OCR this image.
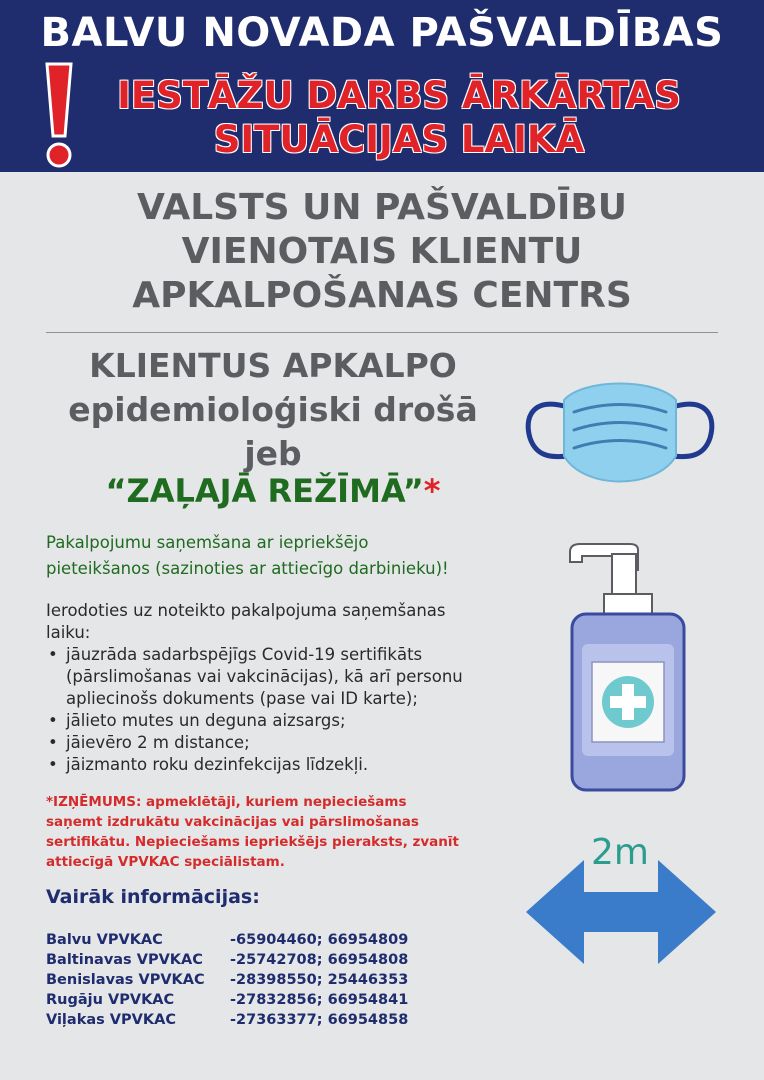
BALVU NOVADA PAŠVALDĪBAS
IESTĀŽU DARBS ĀRKĀRTAS
SITUĀCIJAS LAIKĀ
VALSTS UN PAŠVALDĪBU
VIENOTAIS KLIENTU
APKALPOŠANAS CENTRS
KLIENTUS APKALPO
epidemioloģiski drošā
jeb
“ZAĻAJĀ REŽĪMĀ”*
Pakalpojumu saņemšana ar iepriekšējo
pieteikšanos (sazinoties ar attiecīgo darbinieku)!
Ierodoties uz noteikto pakalpojuma saņemšanas
laiku:
• jāuzrāda sadarbspējīgs Covid-19 sertifikāts
(pārslimošanas vai vakcinācijas), kā arī personu
apliecinošs dokuments (pase vai ID karte);
• jālieto mutes un deguna aizsargs;
• jāievēro 2 m distance;
• jāizmanto roku dezinfekcijas līdzekļi.
*IZŅĒMUMS: apmeklētāji, kuriem nepieciešams
saņemt izdrukātu vakcinācijas vai pārslimošanas
sertifikātu. Nepieciešams iepriekšējs pieraksts, zvanīt
attiecīgā VPVKAC speciālistam.
Vairāk informācijas:
Balvu VPVKAC	-65904460; 66954809
Baltinavas VPVKAC	-25742708; 66954808
Benislavas VPVKAC	-28398550; 25446353
Rugāju VPVKAC	-27832856; 66954841
Viļakas VPVKAC	-27363377; 66954858
2m
